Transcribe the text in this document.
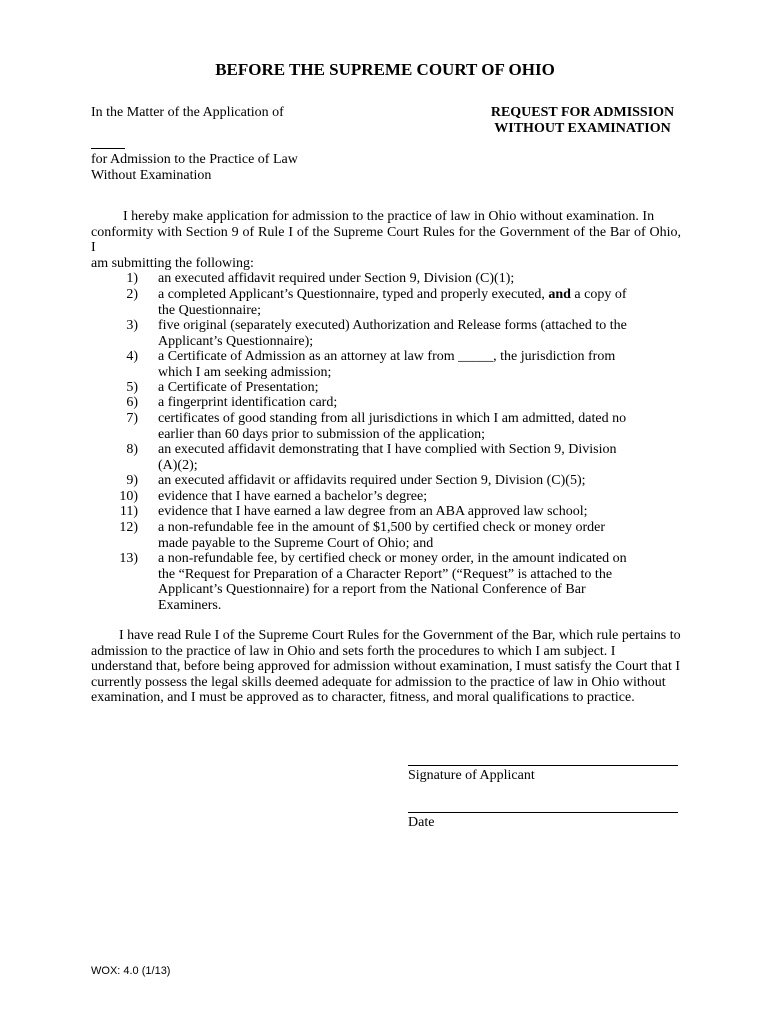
BEFORE THE SUPREME COURT OF OHIO
In the Matter of the Application of	REQUEST FOR ADMISSION
WITHOUT EXAMINATION
for Admission to the Practice of Law
Without Examination
I hereby make application for admission to the practice of law in Ohio without examination. In
conformity with Section 9 of Rule I of the Supreme Court Rules for the Government of the Bar of Ohio, I
am submitting the following:
1) an executed affidavit required under Section 9, Division (C)(1);
2) a completed Applicant’s Questionnaire, typed and properly executed, and a copy of
the Questionnaire;
3) five original (separately executed) Authorization and Release forms (attached to the
Applicant’s Questionnaire);
4) a Certificate of Admission as an attorney at law from _____, the jurisdiction from
which I am seeking admission;
5) a Certificate of Presentation;
6) a fingerprint identification card;
7) certificates of good standing from all jurisdictions in which I am admitted, dated no
earlier than 60 days prior to submission of the application;
8) an executed affidavit demonstrating that I have complied with Section 9, Division
(A)(2);
9) an executed affidavit or affidavits required under Section 9, Division (C)(5);
10) evidence that I have earned a bachelor’s degree;
11) evidence that I have earned a law degree from an ABA approved law school;
12) a non-refundable fee in the amount of $1,500 by certified check or money order
made payable to the Supreme Court of Ohio; and
13) a non-refundable fee, by certified check or money order, in the amount indicated on
the “Request for Preparation of a Character Report” (“Request” is attached to the
Applicant’s Questionnaire) for a report from the National Conference of Bar
Examiners.
I have read Rule I of the Supreme Court Rules for the Government of the Bar, which rule pertains to
admission to the practice of law in Ohio and sets forth the procedures to which I am subject. I
understand that, before being approved for admission without examination, I must satisfy the Court that I
currently possess the legal skills deemed adequate for admission to the practice of law in Ohio without
examination, and I must be approved as to character, fitness, and moral qualifications to practice.
Signature of Applicant
Date
WOX: 4.0 (1/13)
